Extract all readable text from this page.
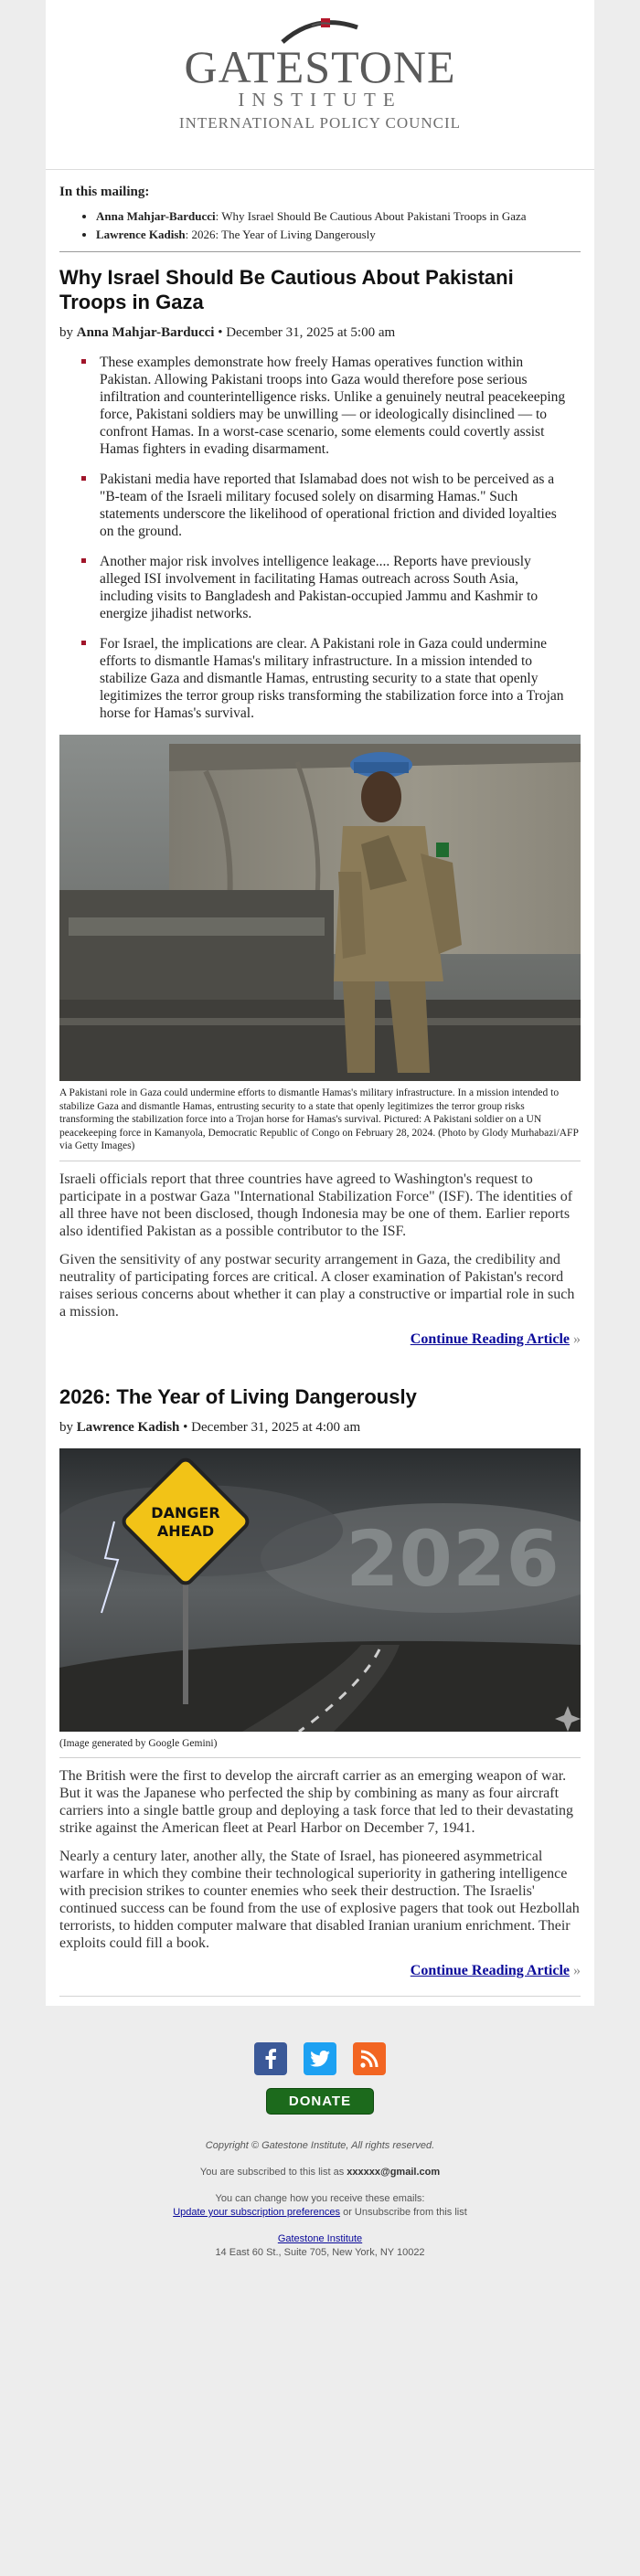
GATESTONE
INSTITUTE
INTERNATIONAL POLICY COUNCIL
In this mailing:
• Anna Mahjar-Barducci: Why Israel Should Be Cautious About Pakistani Troops in Gaza
• Lawrence Kadish: 2026: The Year of Living Dangerously
Why Israel Should Be Cautious About Pakistani Troops in Gaza
by Anna Mahjar-Barducci • December 31, 2025 at 5:00 am
These examples demonstrate how freely Hamas operatives function within Pakistan. Allowing Pakistani troops into Gaza would therefore pose serious infiltration and counterintelligence risks. Unlike a genuinely neutral peacekeeping force, Pakistani soldiers may be unwilling — or ideologically disinclined — to confront Hamas. In a worst-case scenario, some elements could covertly assist Hamas fighters in evading disarmament.
Pakistani media have reported that Islamabad does not wish to be perceived as a "B-team of the Israeli military focused solely on disarming Hamas." Such statements underscore the likelihood of operational friction and divided loyalties on the ground.
Another major risk involves intelligence leakage.... Reports have previously alleged ISI involvement in facilitating Hamas outreach across South Asia, including visits to Bangladesh and Pakistan-occupied Jammu and Kashmir to energize jihadist networks.
For Israel, the implications are clear. A Pakistani role in Gaza could undermine efforts to dismantle Hamas's military infrastructure. In a mission intended to stabilize Gaza and dismantle Hamas, entrusting security to a state that openly legitimizes the terror group risks transforming the stabilization force into a Trojan horse for Hamas's survival.
A Pakistani role in Gaza could undermine efforts to dismantle Hamas's military infrastructure. In a mission intended to stabilize Gaza and dismantle Hamas, entrusting security to a state that openly legitimizes the terror group risks transforming the stabilization force into a Trojan horse for Hamas's survival. Pictured: A Pakistani soldier on a UN peacekeeping force in Kamanyola, Democratic Republic of Congo on February 28, 2024. (Photo by Glody Murhabazi/AFP via Getty Images)

Israeli officials report that three countries have agreed to Washington's request to participate in a postwar Gaza "International Stabilization Force" (ISF). The identities of all three have not been disclosed, though Indonesia may be one of them. Earlier reports also identified Pakistan as a possible contributor to the ISF.

Given the sensitivity of any postwar security arrangement in Gaza, the credibility and neutrality of participating forces are critical. A closer examination of Pakistan's record raises serious concerns about whether it can play a constructive or impartial role in such a mission.

Continue Reading Article »
2026: The Year of Living Dangerously
by Lawrence Kadish • December 31, 2025 at 4:00 am
DANGER
AHEAD 2026
(Image generated by Google Gemini)

The British were the first to develop the aircraft carrier as an emerging weapon of war. But it was the Japanese who perfected the ship by combining as many as four aircraft carriers into a single battle group and deploying a task force that led to their devastating strike against the American fleet at Pearl Harbor on December 7, 1941.

Nearly a century later, another ally, the State of Israel, has pioneered asymmetrical warfare in which they combine their technological superiority in gathering intelligence with precision strikes to counter enemies who seek their destruction. The Israelis' continued success can be found from the use of explosive pagers that took out Hezbollah terrorists, to hidden computer malware that disabled Iranian uranium enrichment. Their exploits could fill a book.

Continue Reading Article »
DONATE
Copyright © Gatestone Institute, All rights reserved.
You are subscribed to this list as xxxxxx@gmail.com
You can change how you receive these emails:
Update your subscription preferences or Unsubscribe from this list
Gatestone Institute
14 East 60 St., Suite 705, New York, NY 10022
